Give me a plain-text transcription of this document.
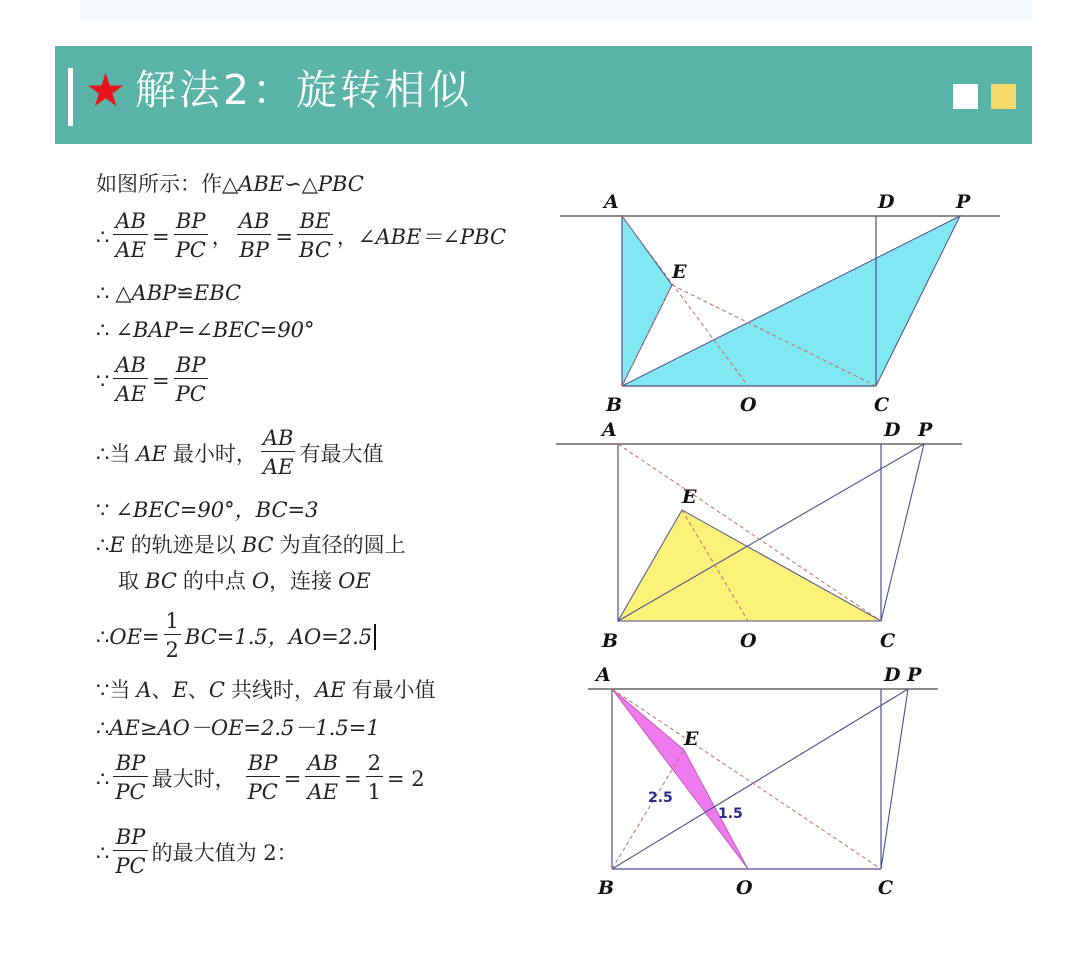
★ 解法2：旋转相似
如图所示：作△ ABE ∽△ PBC
∴ $\frac{AB}{AE} = \frac{BP}{PC}$ ， $\frac{AB}{BP} = \frac{BE}{BC}$ ， ∠ABE＝∠PBC
∴ △ ABP ≌ EBC
∴ ∠BAP=∠BEC=90°
∵ $\frac{AB}{AE} = \frac{BP}{PC}$
∴ 当 AE 最小时， $\frac{AB}{AE}$ 有最大值
∵ ∠BEC=90°，BC=3
∴ E 的轨迹是以 BC 为直径的圆上
取 BC 的中点 O ，连接 OE
∴ $OE= \frac{1}{2} BC=1.5$，AO=2.5
∵ 当 A 、 E 、 C 共线时， AE 有最小值
∴ AE≥AO－OE=2.5－1.5=1
∴ $\frac{BP}{PC}$ 最大时， $\frac{BP}{PC} = \frac{AB}{AE} = \frac{2}{1} = 2$
∴ $\frac{BP}{PC}$ 的最大值为 2：
A	D	P
E
B	O	C
A	D P
E
B	O	C
A	D P
E
2.5
1.5
B	O	C
